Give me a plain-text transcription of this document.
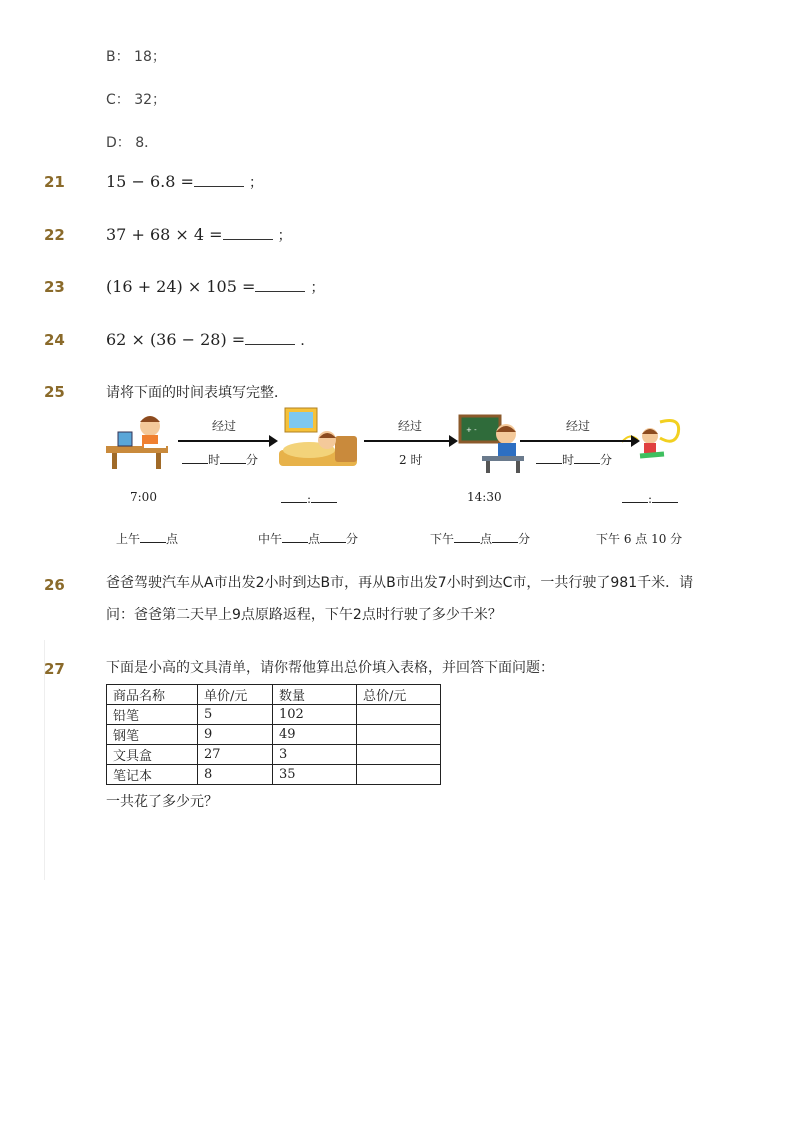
B： 18；
C： 32；
D： 8．
21	15 − 6.8 =	；
22	37 + 68 × 4 =	；
23	(16 + 24) × 105 =	；
24	62 × (36 − 28) =	．
25	请将下面的时间表填写完整．
+ -
经过
时 分
经过
2 时
经过
时 分
7:00	:	14:30	:
上午 点	中午 点 分	下午 点 分	下午 6 点 10 分
26	爸爸驾驶汽车从A市出发2小时到达B市，再从B市出发7小时到达C市，一共行驶了981千米．请
问：爸爸第二天早上9点原路返程，下午2点时行驶了多少千米？
27	下面是小高的文具清单，请你帮他算出总价填入表格，并回答下面问题：
商品名称	单价/元	数量	总价/元
铅笔	5	102	
钢笔	9	49	
文具盒	27	3	
笔记本	8	35	
一共花了多少元？
